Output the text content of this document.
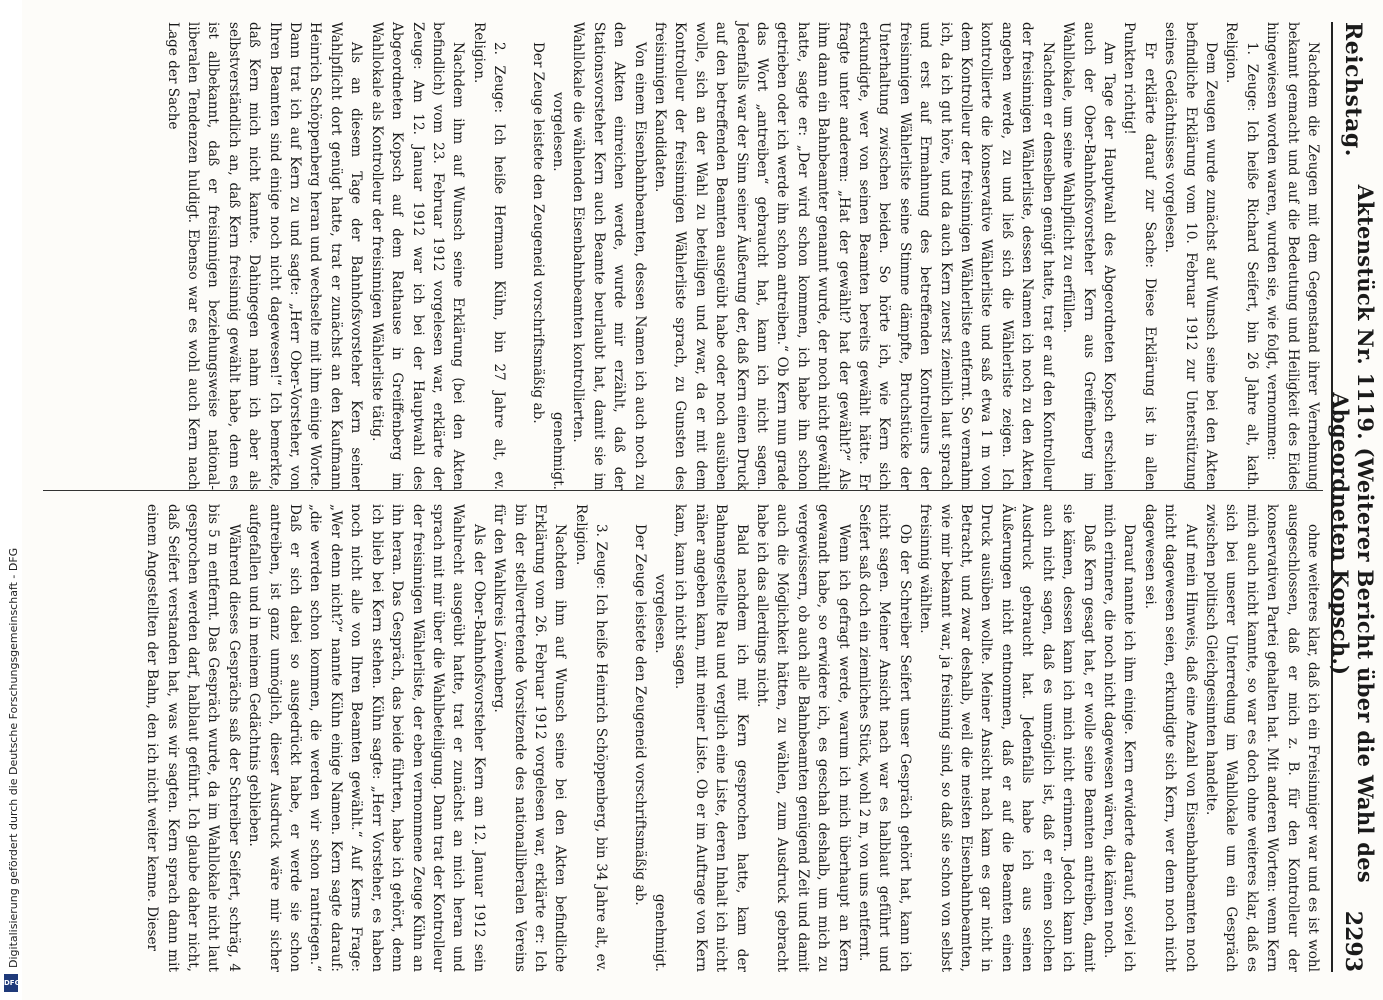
Digitalisierung gefördert durch die Deutsche Forschungsgemeinschaft - DFG
DFG
Reichstag.
Aktenstück Nr. 1119. (Weiterer Bericht über die Wahl des Abgeordneten Kopsch.)
2293

Nachdem die Zeugen mit dem Gegenstand ihrer Vernehmung bekannt gemacht und auf die Bedeutung und Heiligkeit des Eides hingewiesen worden waren, wurden sie, wie folgt, vernommen:

1. Zeuge: Ich heiße Richard Seifert, bin 26 Jahre alt, kath. Religion.

Dem Zeugen wurde zunächst auf Wunsch seine bei den Akten befindliche Erklärung vom 10. Februar 1912 zur Unterstützung seines Gedächtnisses vorgelesen.

Er erklärte darauf zur Sache: Diese Erklärung ist in allen Punkten richtig!

Am Tage der Hauptwahl des Abgeordneten Kopsch erschien auch der Ober-Bahnhofsvorsteher Kern aus Greiffenberg im Wahllokale, um seine Wahlpflicht zu erfüllen.

Nachdem er denselben genügt hatte, trat er auf den Kontrolleur der freisinnigen Wählerliste, dessen Namen ich noch zu den Akten angeben werde, zu und ließ sich die Wählerliste zeigen. Ich kontrollierte die konservative Wählerliste und saß etwa 1 m von dem Kontrolleur der freisinnigen Wählerliste entfernt. So vernahm ich, da ich gut höre, und da auch Kern zuerst ziemlich laut sprach und erst auf Ermahnung des betreffenden Kontrolleurs der freisinnigen Wählerliste seine Stimme dämpfte, Bruchstücke der Unterhaltung zwischen beiden. So hörte ich, wie Kern sich erkundigte, wer von seinen Beamten bereits gewählt hätte. Er fragte unter anderem: „Hat der gewählt? hat der gewählt?“ Als ihm dann ein Bahnbeamter genannt wurde, der noch nicht gewählt hatte, sagte er: „Der wird schon kommen, ich habe ihn schon getrieben oder ich werde ihn schon antreiben.“ Ob Kern nun grade das Wort „antreiben“ gebraucht hat, kann ich nicht sagen. Jedenfalls war der Sinn seiner Äußerung der, daß Kern einen Druck auf den betreffenden Beamten ausgeübt habe oder noch ausüben wolle, sich an der Wahl zu beteiligen und zwar, da er mit dem Kontrolleur der freisinnigen Wählerliste sprach, zu Gunsten des freisinnigen Kandidaten.

Von einem Eisenbahnbeamten, dessen Namen ich auch noch zu den Akten einreichen werde, wurde mir erzählt, daß der Stationsvorsteher Kern auch Beamte beurlaubt hat, damit sie im Wahllokale die wählenden Eisenbahnbeamten kontrollierten.

vorgelesen.
genehmigt.

Der Zeuge leistete den Zeugeneid vorschriftsmäßig ab.

2. Zeuge: Ich heiße Hermann Kühn, bin 27 Jahre alt, ev. Religion.

Nachdem ihm auf Wunsch seine Erklärung (bei den Akten befindlich) vom 23. Februar 1912 vorgelesen war, erklärte der Zeuge: Am 12. Januar 1912 war ich bei der Hauptwahl des Abgeordneten Kopsch auf dem Rathause in Greiffenberg im Wahllokale als Kontrolleur der freisinnigen Wählerliste tätig.

Als an diesem Tage der Bahnhofsvorsteher Kern seiner Wahlpflicht dort genügt hatte, trat er zunächst an den Kaufmann Heinrich Schöppenberg heran und wechselte mit ihm einige Worte. Dann trat ich auf Kern zu und sagte: „Herr Ober-Vorsteher, von Ihren Beamten sind einige noch nicht dagewesen!“ Ich bemerkte, daß Kern mich nicht kannte. Dahingegen nahm ich aber als selbstverständlich an, daß Kern freisinnig gewählt habe, denn es ist allbekannt, daß er freisinnigen beziehungsweise national-liberalen Tendenzen huldigt. Ebenso war es wohl auch Kern nach Lage der Sache

ohne weiteres klar, daß ich ein Freisinniger war und es ist wohl ausgeschlossen, daß er mich z. B. für den Kontrolleur der konservativen Partei gehalten hat. Mit anderen Worten: wenn Kern mich auch nicht kannte, so war es doch ohne weiteres klar, daß es sich bei unserer Unterredung im Wahllokale um ein Gespräch zwischen politisch Gleichgesinnten handelte.

Auf mein Hinweis, daß eine Anzahl von Eisenbahnbeamten noch nicht dagewesen seien, erkundigte sich Kern, wer denn noch nicht dagewesen sei.

Darauf nannte ich ihm einige. Kern erwiderte darauf, soviel ich mich erinnere, die noch nicht dagewesen wären, die kämen noch.

Daß Kern gesagt hat, er wolle seine Beamten antreiben, damit sie kämen, dessen kann ich mich nicht erinnern. Jedoch kann ich auch nicht sagen, daß es unmöglich ist, daß er einen solchen Ausdruck gebraucht hat. Jedenfalls habe ich aus seinen Äußerungen nicht entnommen, daß er auf die Beamten einen Druck ausüben wollte. Meiner Ansicht nach kam es gar nicht in Betracht, und zwar deshalb, weil die meisten Eisenbahnbeamten, wie mir bekannt war, ja freisinnig sind, so daß sie schon von selbst freisinnig wählten.

Ob der Schreiber Seifert unser Gespräch gehört hat, kann ich nicht sagen. Meiner Ansicht nach war es halblaut geführt und Seifert saß doch ein ziemliches Stück, wohl 2 m, von uns entfernt.

Wenn ich gefragt werde, warum ich mich überhaupt an Kern gewandt habe, so erwidere ich, es geschah deshalb, um mich zu vergewissern, ob auch alle Bahnbeamten genügend Zeit und damit auch die Möglichkeit hätten, zu wählen, zum Ausdruck gebracht habe ich das allerdings nicht.

Bald nachdem ich mit Kern gesprochen hatte, kam der Bahnangestellte Rau und verglich eine Liste, deren Inhalt ich nicht näher angeben kann, mit meiner Liste. Ob er im Auftrage von Kern kam, kann ich nicht sagen.

vorgelesen.
genehmigt.

Der Zeuge leistete den Zeugeneid vorschriftsmäßig ab.

3. Zeuge: Ich heiße Heinrich Schöppenberg, bin 34 Jahre alt, ev. Religion.

Nachdem ihm auf Wunsch seine bei den Akten befindliche Erklärung vom 26. Februar 1912 vorgelesen war, erklärte er: Ich bin der stellvertretende Vorsitzende des nationalliberalen Vereins für den Wahlkreis Löwenberg.

Als der Ober-Bahnhofsvorsteher Kern am 12. Januar 1912 sein Wahlrecht ausgeübt hatte, trat er zunächst an mich heran und sprach mit mir über die Wahlbeteiligung. Dann trat der Kontrolleur der freisinnigen Wählerliste, der eben vernommene Zeuge Kühn an ihn heran. Das Gespräch, das beide führten, habe ich gehört, denn ich blieb bei Kern stehen. Kühn sagte: „Herr Vorsteher, es haben noch nicht alle von Ihren Beamten gewählt.“ Auf Kerns Frage: „Wer denn nicht?“ nannte Kühn einige Namen. Kern sagte darauf: „die werden schon kommen, die werden wir schon rantriegen.“ Daß er sich dabei so ausgedrückt habe, er werde sie schon antreiben, ist ganz unmöglich, dieser Ausdruck wäre mir sicher aufgefallen und in meinem Gedächtnis geblieben.

Während dieses Gesprächs saß der Schreiber Seifert, schräg, 4 bis 5 m entfernt. Das Gespräch wurde, da im Wahllokale nicht laut gesprochen werden darf, halblaut geführt. Ich glaube daher nicht, daß Seifert verstanden hat, was wir sagten. Kern sprach dann mit einem Angestellten der Bahn, den ich nicht weiter kenne. Dieser
